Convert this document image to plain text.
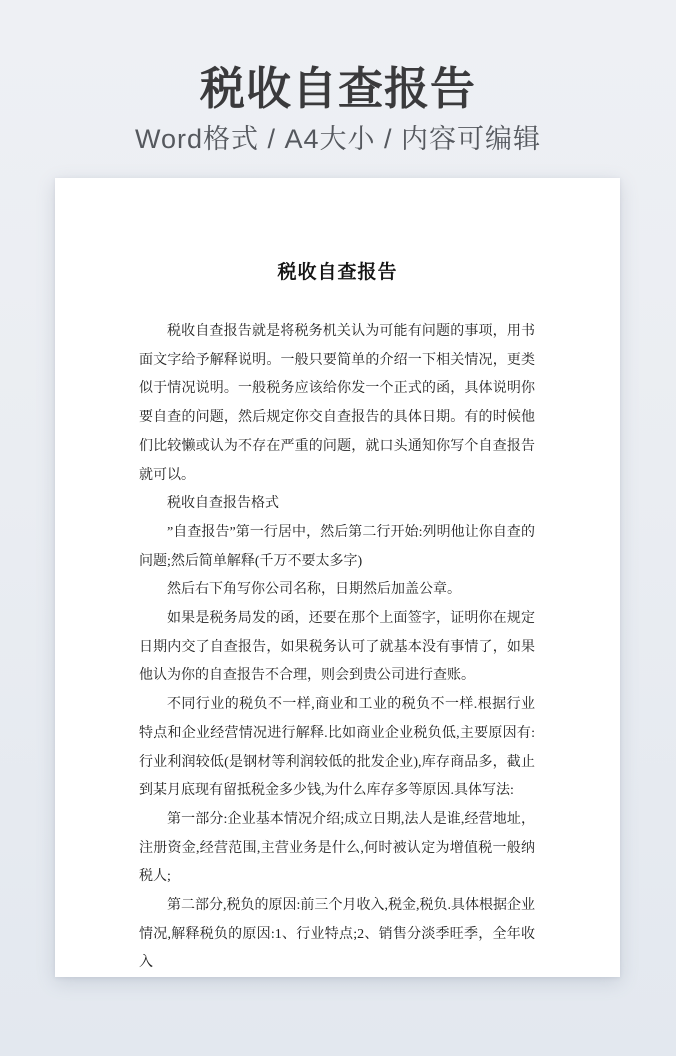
税收自查报告

Word格式 / A4大小 / 内容可编辑

税收自查报告

税收自查报告就是将税务机关认为可能有问题的事项，用书面文字给予解释说明。一般只要简单的介绍一下相关情况，更类似于情况说明。一般税务应该给你发一个正式的函，具体说明你要自查的问题，然后规定你交自查报告的具体日期。有的时候他们比较懒或认为不存在严重的问题，就口头通知你写个自查报告就可以。

税收自查报告格式

”自查报告”第一行居中，然后第二行开始:列明他让你自查的问题;然后简单解释(千万不要太多字)

然后右下角写你公司名称，日期然后加盖公章。

如果是税务局发的函，还要在那个上面签字，证明你在规定日期内交了自查报告，如果税务认可了就基本没有事情了，如果他认为你的自查报告不合理，则会到贵公司进行查账。

不同行业的税负不一样,商业和工业的税负不一样.根据行业特点和企业经营情况进行解释.比如商业企业税负低,主要原因有:行业利润较低(是钢材等利润较低的批发企业),库存商品多，截止到某月底现有留抵税金多少钱,为什么库存多等原因.具体写法:

第一部分:企业基本情况介绍;成立日期,法人是谁,经营地址，注册资金,经营范围,主营业务是什么,何时被认定为增值税一般纳税人;

第二部分,税负的原因:前三个月收入,税金,税负.具体根据企业情况,解释税负的原因:1、行业特点;2、销售分淡季旺季，全年收入
